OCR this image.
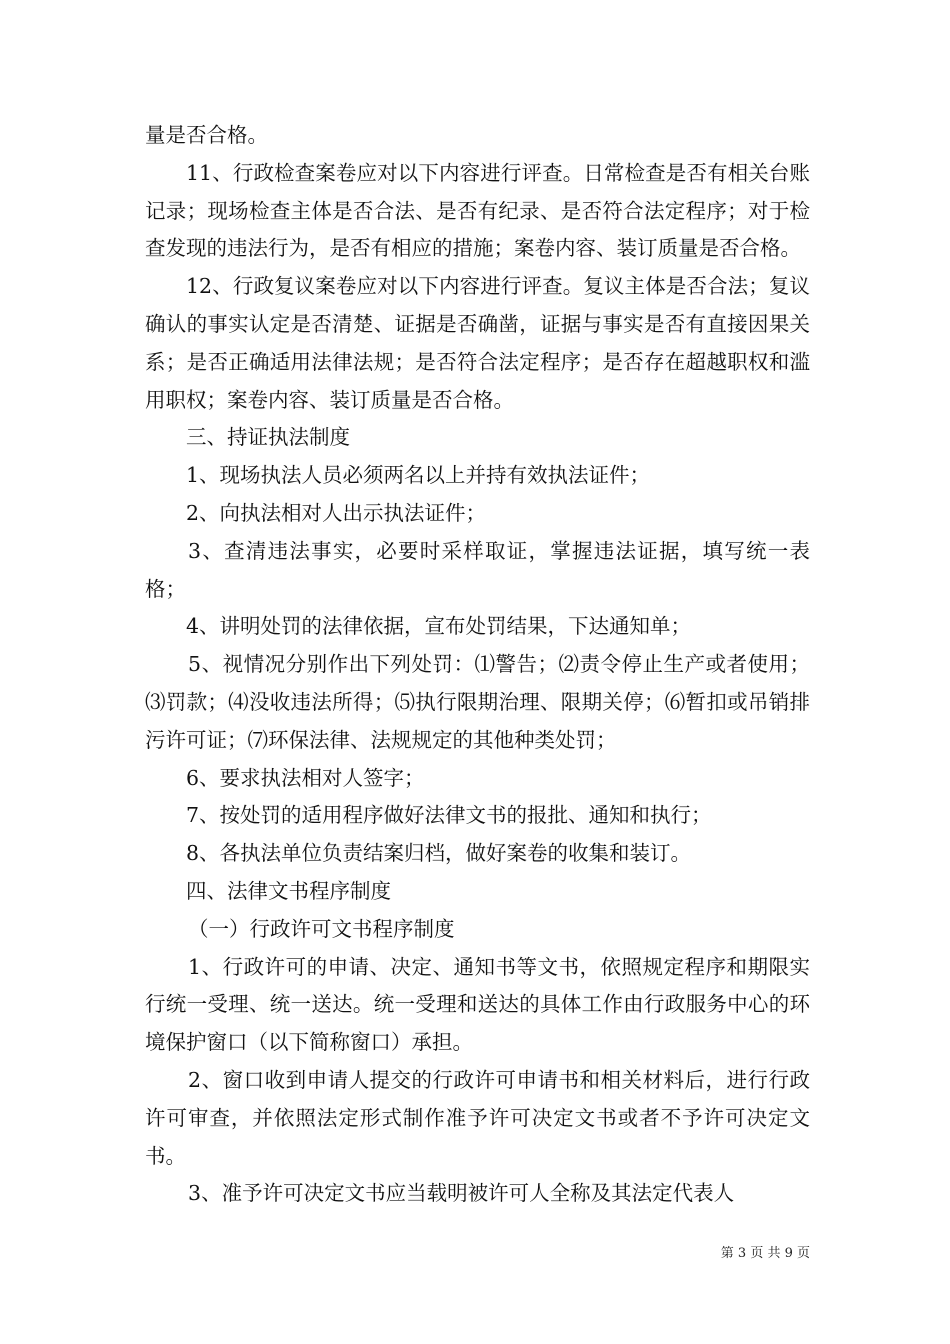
量是否合格。

11、行政检查案卷应对以下内容进行评查。日常检查是否有相关台账记录；现场检查主体是否合法、是否有纪录、是否符合法定程序；对于检查发现的违法行为，是否有相应的措施；案卷内容、装订质量是否合格。

12、行政复议案卷应对以下内容进行评查。复议主体是否合法；复议确认的事实认定是否清楚、证据是否确凿，证据与事实是否有直接因果关系；是否正确适用法律法规；是否符合法定程序；是否存在超越职权和滥用职权；案卷内容、装订质量是否合格。

三、持证执法制度

1、现场执法人员必须两名以上并持有效执法证件；

2、向执法相对人出示执法证件；

3、查清违法事实，必要时采样取证，掌握违法证据，填写统一表格；

4、讲明处罚的法律依据，宣布处罚结果，下达通知单；

5、视情况分别作出下列处罚：⑴警告；⑵责令停止生产或者使用；⑶罚款；⑷没收违法所得；⑸执行限期治理、限期关停；⑹暂扣或吊销排污许可证；⑺环保法律、法规规定的其他种类处罚；

6、要求执法相对人签字；

7、按处罚的适用程序做好法律文书的报批、通知和执行；

8、各执法单位负责结案归档，做好案卷的收集和装订。

四、法律文书程序制度

（一）行政许可文书程序制度

1、行政许可的申请、决定、通知书等文书，依照规定程序和期限实行统一受理、统一送达。统一受理和送达的具体工作由行政服务中心的环境保护窗口（以下简称窗口）承担。

2、窗口收到申请人提交的行政许可申请书和相关材料后，进行行政许可审查，并依照法定形式制作准予许可决定文书或者不予许可决定文书。

3、准予许可决定文书应当载明被许可人全称及其法定代表人

第 3 页 共 9 页
